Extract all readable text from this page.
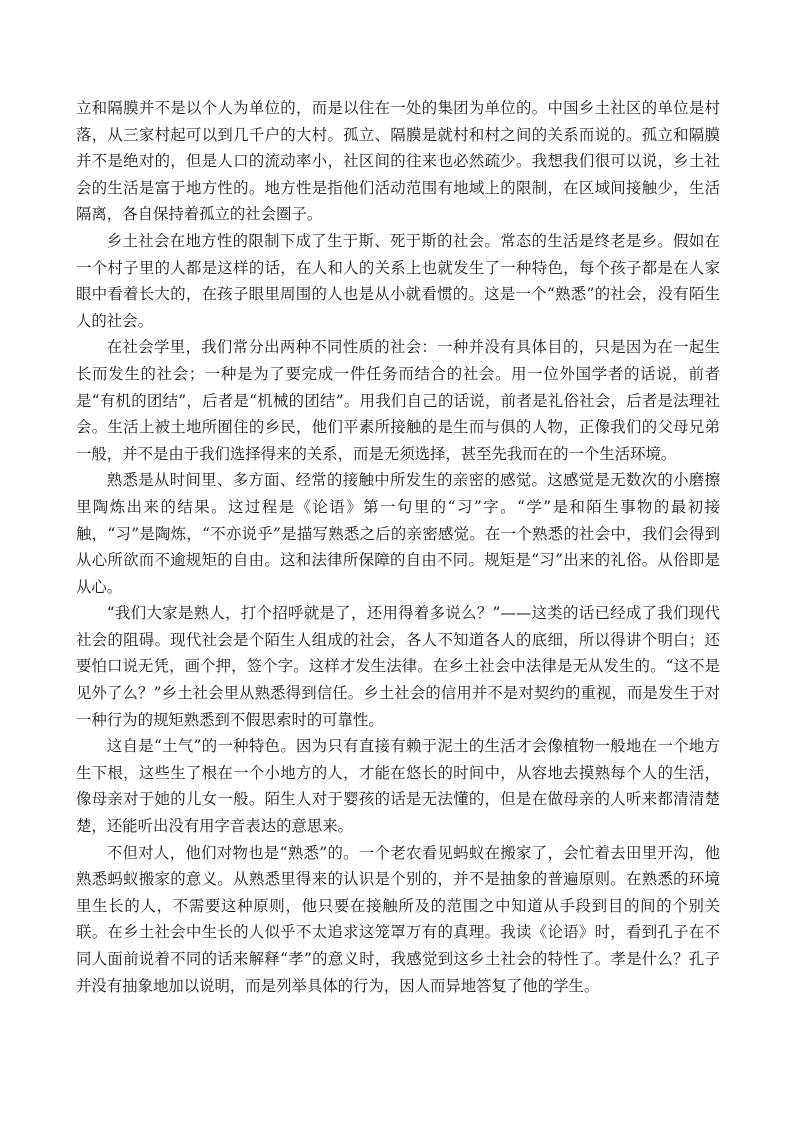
立和隔膜并不是以个人为单位的，而是以住在一处的集团为单位的。中国乡土社区的单位是村落，从三家村起可以到几千户的大村。孤立、隔膜是就村和村之间的关系而说的。孤立和隔膜并不是绝对的，但是人口的流动率小，社区间的往来也必然疏少。我想我们很可以说，乡土社会的生活是富于地方性的。地方性是指他们活动范围有地域上的限制，在区域间接触少，生活隔离，各自保持着孤立的社会圈子。

乡土社会在地方性的限制下成了生于斯、死于斯的社会。常态的生活是终老是乡。假如在一个村子里的人都是这样的话，在人和人的关系上也就发生了一种特色，每个孩子都是在人家眼中看着长大的，在孩子眼里周围的人也是从小就看惯的。这是一个“熟悉”的社会，没有陌生人的社会。

在社会学里，我们常分出两种不同性质的社会：一种并没有具体目的，只是因为在一起生长而发生的社会；一种是为了要完成一件任务而结合的社会。用一位外国学者的话说，前者是“有机的团结”，后者是“机械的团结”。用我们自己的话说，前者是礼俗社会，后者是法理社会。生活上被土地所囿住的乡民，他们平素所接触的是生而与俱的人物，正像我们的父母兄弟一般，并不是由于我们选择得来的关系，而是无须选择，甚至先我而在的一个生活环境。

熟悉是从时间里、多方面、经常的接触中所发生的亲密的感觉。这感觉是无数次的小磨擦里陶炼出来的结果。这过程是《论语》第一句里的“习”字。“学”是和陌生事物的最初接触，“习”是陶炼，“不亦说乎”是描写熟悉之后的亲密感觉。在一个熟悉的社会中，我们会得到从心所欲而不逾规矩的自由。这和法律所保障的自由不同。规矩是“习”出来的礼俗。从俗即是从心。

“我们大家是熟人，打个招呼就是了，还用得着多说么？”——这类的话已经成了我们现代社会的阻碍。现代社会是个陌生人组成的社会，各人不知道各人的底细，所以得讲个明白；还要怕口说无凭，画个押，签个字。这样才发生法律。在乡土社会中法律是无从发生的。“这不是见外了么？”乡土社会里从熟悉得到信任。乡土社会的信用并不是对契约的重视，而是发生于对一种行为的规矩熟悉到不假思索时的可靠性。

这自是“土气”的一种特色。因为只有直接有赖于泥土的生活才会像植物一般地在一个地方生下根，这些生了根在一个小地方的人，才能在悠长的时间中，从容地去摸熟每个人的生活，像母亲对于她的儿女一般。陌生人对于婴孩的话是无法懂的，但是在做母亲的人听来都清清楚楚，还能听出没有用字音表达的意思来。

不但对人，他们对物也是“熟悉”的。一个老农看见蚂蚁在搬家了，会忙着去田里开沟，他熟悉蚂蚁搬家的意义。从熟悉里得来的认识是个别的，并不是抽象的普遍原则。在熟悉的环境里生长的人，不需要这种原则，他只要在接触所及的范围之中知道从手段到目的间的个别关联。在乡土社会中生长的人似乎不太追求这笼罩万有的真理。我读《论语》时，看到孔子在不同人面前说着不同的话来解释“孝”的意义时，我感觉到这乡土社会的特性了。孝是什么？孔子并没有抽象地加以说明，而是列举具体的行为，因人而异地答复了他的学生。
